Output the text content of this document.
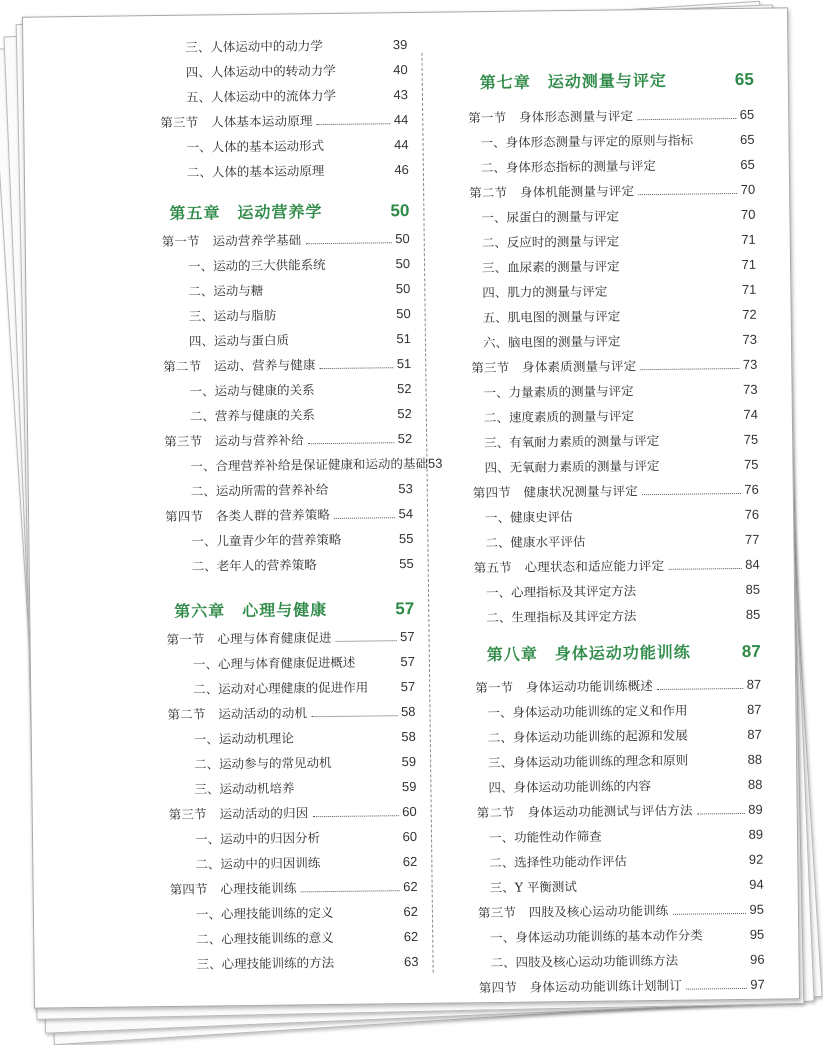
三、人体运动中的动力学	39
四、人体运动中的转动力学	40
五、人体运动中的流体力学	43
第三节　人体基本运动原理	44
一、人体的基本运动形式	44
二、人体的基本运动原理	46
第五章　运动营养学	50
第一节　运动营养学基础	50
一、运动的三大供能系统	50
二、运动与糖	50
三、运动与脂肪	50
四、运动与蛋白质	51
第二节　运动、营养与健康	51
一、运动与健康的关系	52
二、营养与健康的关系	52
第三节　运动与营养补给	52
一、合理营养补给是保证健康和运动的基础 53
二、运动所需的营养补给	53
第四节　各类人群的营养策略	54
一、儿童青少年的营养策略	55
二、老年人的营养策略	55
第六章　心理与健康	57
第一节　心理与体育健康促进	57
一、心理与体育健康促进概述	57
二、运动对心理健康的促进作用 57
第二节　运动活动的动机	58
一、运动动机理论	58
二、运动参与的常见动机	59
三、运动动机培养	59
第三节　运动活动的归因	60
一、运动中的归因分析	60
二、运动中的归因训练	62
第四节　心理技能训练	62
一、心理技能训练的定义	62
二、心理技能训练的意义	62
三、心理技能训练的方法	63
第七章　运动测量与评定	65
第一节　身体形态测量与评定	65
一、身体形态测量与评定的原则与指标	65
二、身体形态指标的测量与评定	65
第二节　身体机能测量与评定	70
一、尿蛋白的测量与评定	70
二、反应时的测量与评定	71
三、血尿素的测量与评定	71
四、肌力的测量与评定	71
五、肌电图的测量与评定	72
六、脑电图的测量与评定	73
第三节　身体素质测量与评定	73
一、力量素质的测量与评定	73
二、速度素质的测量与评定	74
三、有氧耐力素质的测量与评定	75
四、无氧耐力素质的测量与评定	75
第四节　健康状况测量与评定	76
一、健康史评估	76
二、健康水平评估	77
第五节　心理状态和适应能力评定	84
一、心理指标及其评定方法	85
二、生理指标及其评定方法	85
第八章　身体运动功能训练	87
第一节　身体运动功能训练概述	87
一、身体运动功能训练的定义和作用	87
二、身体运动功能训练的起源和发展	87
三、身体运动功能训练的理念和原则	88
四、身体运动功能训练的内容	88
第二节　身体运动功能测试与评估方法	89
一、功能性动作筛查	89
二、选择性功能动作评估	92
三、Y 平衡测试	94
第三节　四肢及核心运动功能训练	95
一、身体运动功能训练的基本动作分类	95
二、四肢及核心运动功能训练方法	96
第四节　身体运动功能训练计划制订	97
